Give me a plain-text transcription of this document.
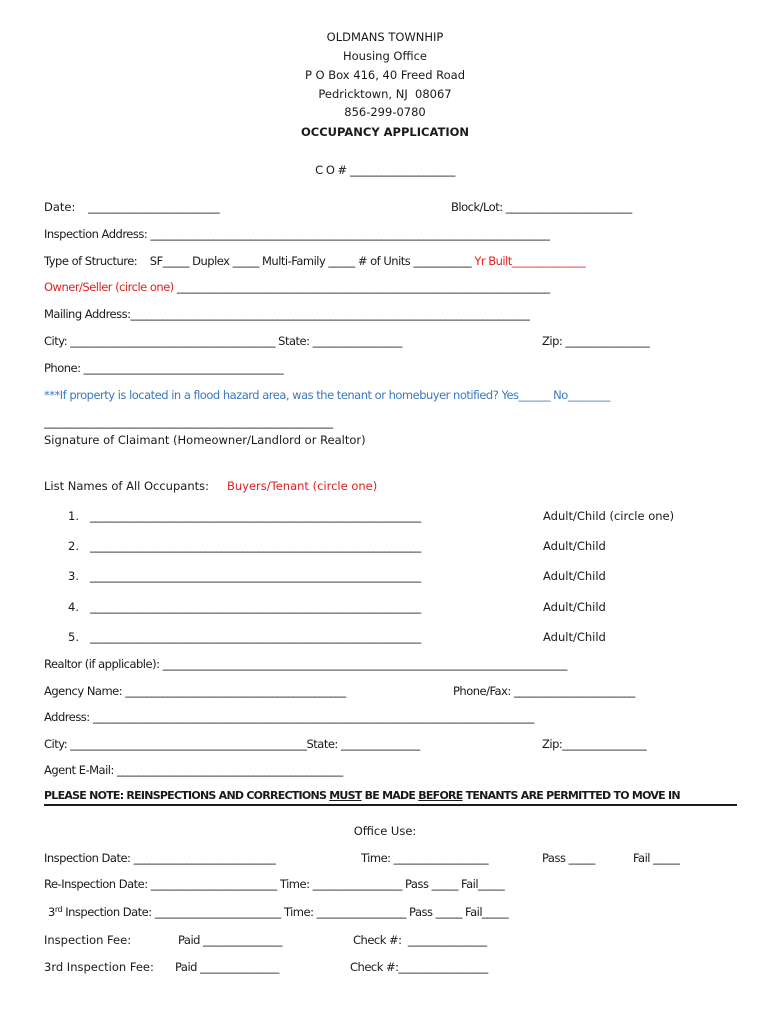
OLDMANS TOWNHIP
Housing Office
P O Box 416, 40 Freed Road
Pedricktown, NJ  08067
856-299-0780
OCCUPANCY APPLICATION
C O # ____________________
Date: _________________________	Block/Lot: ________________________
Inspection Address: ____________________________________________________________________________
Type of Structure:    SF_____ Duplex _____ Multi-Family _____ # of Units ___________ Yr Built______________
Owner/Seller (circle one) _______________________________________________________________________
Mailing Address:____________________________________________________________________________
City: _______________________________________ State: _________________	Zip: ________________
Phone: ______________________________________
***If property is located in a flood hazard area, was the tenant or homebuyer notified? Yes______ No________
_______________________________________________________
Signature of Claimant (Homeowner/Landlord or Realtor)
List Names of All Occupants: Buyers/Tenant (circle one)
1. _______________________________________________________________	Adult/Child (circle one)
2. _______________________________________________________________	Adult/Child
3. _______________________________________________________________	Adult/Child
4. _______________________________________________________________	Adult/Child
5. _______________________________________________________________	Adult/Child
Realtor (if applicable): _____________________________________________________________________________
Agency Name: __________________________________________	Phone/Fax: _______________________
Address: ____________________________________________________________________________________
City: _____________________________________________State: _______________	Zip:________________
Agent E-Mail: ___________________________________________
PLEASE NOTE: REINSPECTIONS AND CORRECTIONS MUST BE MADE BEFORE TENANTS ARE PERMITTED TO MOVE IN
Office Use:
Inspection Date: ___________________________	Time: __________________	Pass _____	Fail _____
Re-Inspection Date: ________________________ Time: _________________ Pass _____ Fail_____
3rd Inspection Date: ________________________ Time: _________________ Pass _____ Fail_____
Inspection Fee:	Paid _______________	Check #:  _______________
3rd Inspection Fee: Paid _______________	Check #:_________________
